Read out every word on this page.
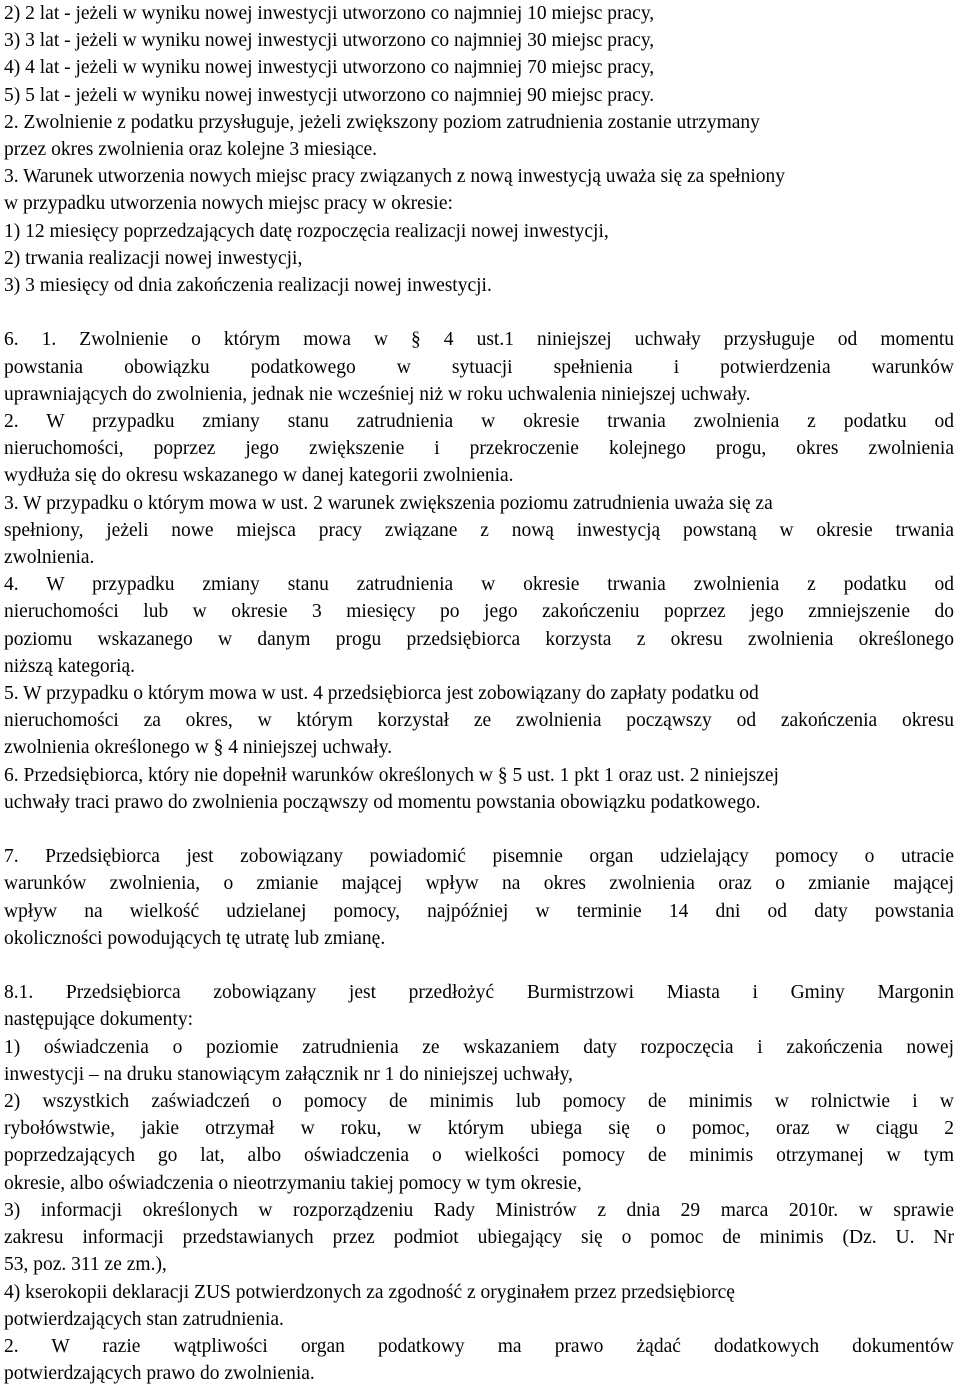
2) 2 lat - jeżeli w wyniku nowej inwestycji utworzono co najmniej 10 miejsc pracy,

3) 3 lat - jeżeli w wyniku nowej inwestycji utworzono co najmniej 30 miejsc pracy,

4) 4 lat - jeżeli w wyniku nowej inwestycji utworzono co najmniej 70 miejsc pracy,

5) 5 lat - jeżeli w wyniku nowej inwestycji utworzono co najmniej 90 miejsc pracy.

2. Zwolnienie z podatku przysługuje, jeżeli zwiększony poziom zatrudnienia zostanie utrzymany

przez okres zwolnienia oraz kolejne 3 miesiące.

3. Warunek utworzenia nowych miejsc pracy związanych z nową inwestycją uważa się za spełniony

w przypadku utworzenia nowych miejsc pracy w okresie:

1) 12 miesięcy poprzedzających datę rozpoczęcia realizacji nowej inwestycji,

2) trwania realizacji nowej inwestycji,

3) 3 miesięcy od dnia zakończenia realizacji nowej inwestycji.

6. 1. Zwolnienie o którym mowa w § 4 ust.1 niniejszej uchwały przysługuje od momentu

powstania obowiązku podatkowego w sytuacji spełnienia i potwierdzenia warunków

uprawniających do zwolnienia, jednak nie wcześniej niż w roku uchwalenia niniejszej uchwały.

2. W przypadku zmiany stanu zatrudnienia w okresie trwania zwolnienia z podatku od

nieruchomości, poprzez jego zwiększenie i przekroczenie kolejnego progu, okres zwolnienia

wydłuża się do okresu wskazanego w danej kategorii zwolnienia.

3. W przypadku o którym mowa w ust. 2 warunek zwiększenia poziomu zatrudnienia uważa się za

spełniony, jeżeli nowe miejsca pracy związane z nową inwestycją powstaną w okresie trwania

zwolnienia.

4. W przypadku zmiany stanu zatrudnienia w okresie trwania zwolnienia z podatku od

nieruchomości lub w okresie 3 miesięcy po jego zakończeniu poprzez jego zmniejszenie do

poziomu wskazanego w danym progu przedsiębiorca korzysta z okresu zwolnienia określonego

niższą kategorią.

5. W przypadku o którym mowa w ust. 4 przedsiębiorca jest zobowiązany do zapłaty podatku od

nieruchomości za okres, w którym korzystał ze zwolnienia począwszy od zakończenia okresu

zwolnienia określonego w § 4 niniejszej uchwały.

6. Przedsiębiorca, który nie dopełnił warunków określonych w § 5 ust. 1 pkt 1 oraz ust. 2 niniejszej

uchwały traci prawo do zwolnienia począwszy od momentu powstania obowiązku podatkowego.

7. Przedsiębiorca jest zobowiązany powiadomić pisemnie organ udzielający pomocy o utracie

warunków zwolnienia, o zmianie mającej wpływ na okres zwolnienia oraz o zmianie mającej

wpływ na wielkość udzielanej pomocy, najpóźniej w terminie 14 dni od daty powstania

okoliczności powodujących tę utratę lub zmianę.

8.1. Przedsiębiorca zobowiązany jest przedłożyć Burmistrzowi Miasta i Gminy Margonin

następujące dokumenty:

1) oświadczenia o poziomie zatrudnienia ze wskazaniem daty rozpoczęcia i zakończenia nowej

inwestycji – na druku stanowiącym załącznik nr 1 do niniejszej uchwały,

2) wszystkich zaświadczeń o pomocy de minimis lub pomocy de minimis w rolnictwie i w

rybołówstwie, jakie otrzymał w roku, w którym ubiega się o pomoc, oraz w ciągu 2

poprzedzających go lat, albo oświadczenia o wielkości pomocy de minimis otrzymanej w tym

okresie, albo oświadczenia o nieotrzymaniu takiej pomocy w tym okresie,

3) informacji określonych w rozporządzeniu Rady Ministrów z dnia 29 marca 2010r. w sprawie

zakresu informacji przedstawianych przez podmiot ubiegający się o pomoc de minimis (Dz. U. Nr

53, poz. 311 ze zm.),

4) kserokopii deklaracji ZUS potwierdzonych za zgodność z oryginałem przez przedsiębiorcę

potwierdzających stan zatrudnienia.

2. W razie wątpliwości organ podatkowy ma prawo żądać dodatkowych dokumentów

potwierdzających prawo do zwolnienia.
